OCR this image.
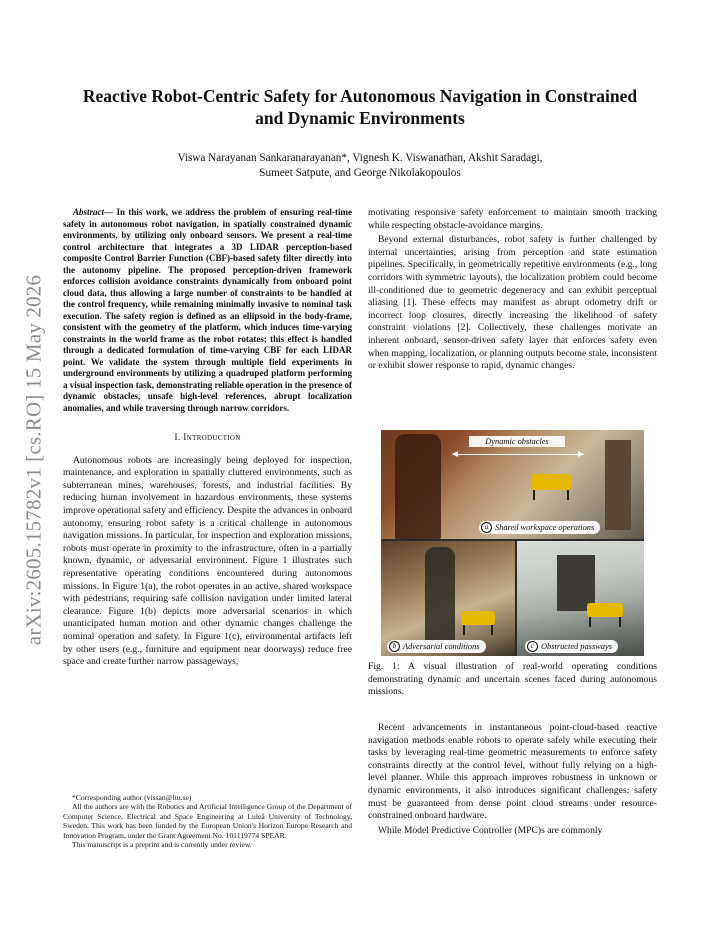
arXiv:2605.15782v1 [cs.RO] 15 May 2026
Reactive Robot-Centric Safety for Autonomous Navigation in Constrained and Dynamic Environments
Viswa Narayanan Sankaranarayanan*, Vignesh K. Viswanathan, Akshit Saradagi,
Sumeet Satpute, and George Nikolakopoulos

Abstract— In this work, we address the problem of ensuring real-time safety in autonomous robot navigation, in spatially constrained dynamic environments, by utilizing only onboard sensors. We present a real-time control architecture that integrates a 3D LIDAR perception-based composite Control Barrier Function (CBF)-based safety filter directly into the autonomy pipeline. The proposed perception-driven framework enforces collision avoidance constraints dynamically from onboard point cloud data, thus allowing a large number of constraints to be handled at the control frequency, while remaining minimally invasive to nominal task execution. The safety region is defined as an ellipsoid in the body-frame, consistent with the geometry of the platform, which induces time-varying constraints in the world frame as the robot rotates; this effect is handled through a dedicated formulation of time-varying CBF for each LIDAR point. We validate the system through multiple field experiments in underground environments by utilizing a quadruped platform performing a visual inspection task, demonstrating reliable operation in the presence of dynamic obstacles, unsafe high-level references, abrupt localization anomalies, and while traversing through narrow corridors.

I. Introduction

Autonomous robots are increasingly being deployed for inspection, maintenance, and exploration in spatially cluttered environments, such as subterranean mines, warehouses, forests, and industrial facilities. By reducing human involvement in hazardous environments, these systems improve operational safety and efficiency. Despite the advances in onboard autonomy, ensuring robot safety is a critical challenge in autonomous navigation missions. In particular, for inspection and exploration missions, robots must operate in proximity to the infrastructure, often in a partially known, dynamic, or adversarial environment. Figure 1 illustrates such representative operating conditions encountered during autonomous missions. In Figure 1(a), the robot operates in an active, shared workspace with pedestrians, requiring safe collision navigation under limited lateral clearance. Figure 1(b) depicts more adversarial scenarios in which unanticipated human motion and other dynamic changes challenge the nominal operation and safety. In Figure 1(c), environmental artifacts left by other users (e.g., furniture and equipment near doorways) reduce free space and create further narrow passageways,

*Corresponding author (vissan@ltu.se)

All the authors are with the Robotics and Artificial Intelligence Group of the Department of Computer Science, Electrical and Space Engineering at Luleå University of Technology, Sweden. This work has been funded by the European Union's Horizon Europe Research and Innovation Program, under the Grant Agreement No. 101119774 SPEAR.

This manuscript is a preprint and is currently under review.

motivating responsive safety enforcement to maintain smooth tracking while respecting obstacle-avoidance margins.

Beyond external disturbances, robot safety is further challenged by internal uncertainties, arising from perception and state estimation pipelines. Specifically, in geometrically repetitive environments (e.g., long corridors with symmetric layouts), the localization problem could become ill-conditioned due to geometric degeneracy and can exhibit perceptual aliasing [1]. These effects may manifest as abrupt odometry drift or incorrect loop closures, directly increasing the likelihood of safety constraint violations [2]. Collectively, these challenges motivate an inherent onboard, sensor-driven safety layer that enforces safety even when mapping, localization, or planning outputs become stale, inconsistent or exhibit slower response to rapid, dynamic changes.

Dynamic obstacles
a Shared workspace operations
b Adversarial conditions	c Obstructed passways

Fig. 1: A visual illustration of real-world operating conditions demonstrating dynamic and uncertain scenes faced during autonomous missions.

Recent advancements in instantaneous point-cloud-based reactive navigation methods enable robots to operate safely while executing their tasks by leveraging real-time geometric measurements to enforce safety constraints directly at the control level, without fully relying on a high-level planner. While this approach improves robustness in unknown or dynamic environments, it also introduces significant challenges: safety must be guaranteed from dense point cloud streams under resource-constrained onboard hardware.

While Model Predictive Controller (MPC)s are commonly
